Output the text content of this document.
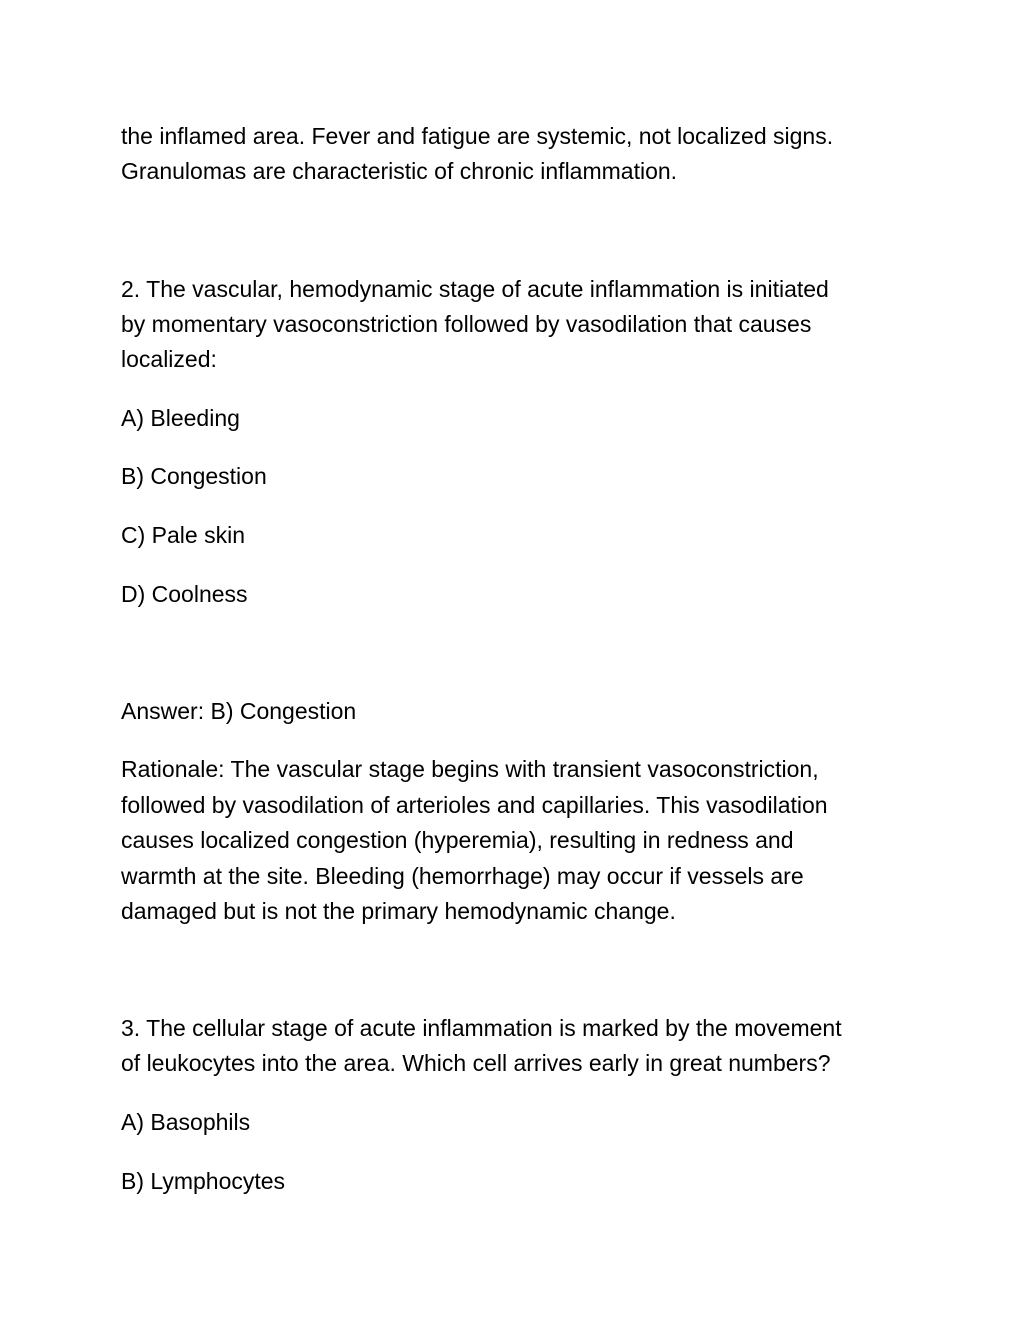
the inflamed area. Fever and fatigue are systemic, not localized signs.
Granulomas are characteristic of chronic inflammation.
2. The vascular, hemodynamic stage of acute inflammation is initiated
by momentary vasoconstriction followed by vasodilation that causes
localized:
A) Bleeding
B) Congestion
C) Pale skin
D) Coolness
Answer: B) Congestion
Rationale: The vascular stage begins with transient vasoconstriction,
followed by vasodilation of arterioles and capillaries. This vasodilation
causes localized congestion (hyperemia), resulting in redness and
warmth at the site. Bleeding (hemorrhage) may occur if vessels are
damaged but is not the primary hemodynamic change.
3. The cellular stage of acute inflammation is marked by the movement
of leukocytes into the area. Which cell arrives early in great numbers?
A) Basophils
B) Lymphocytes
